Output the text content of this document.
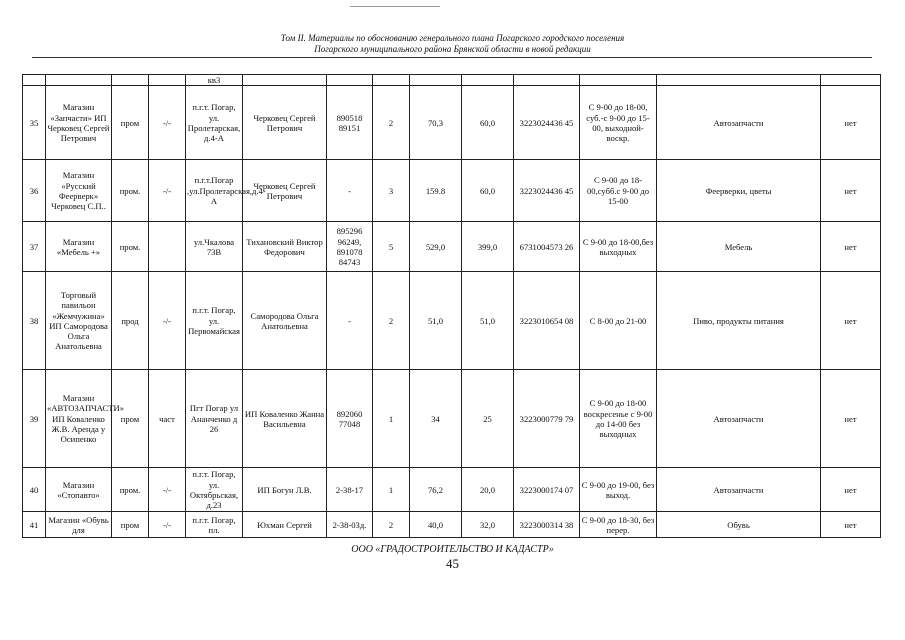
Том II. Материалы по обоснованию генерального плана Погарского городского поселения
Погарского муниципального района Брянской области в новой редакции
				кв3									
35	Магазин «Запчасти» ИП Черковец Сергей Петрович	пром	-/-	п.г.т. Погар, ул. Пролетарская, д.4-А	Черковец Сергей Петрович	890518 89151	2	70,3	60,0	3223024436 45	С 9-00 до 18-00, суб.-с 9-00 до 15-00, выходной-воскр.	Автозапчасти	нет
36	Магазин «Русский Феерверк» Черковец С.П..	пром.	-/-	п.г.т.Погар ,ул.Пролетарская,д.4-А	Черковец Сергей Петрович	-	3	159.8	60,0	3223024436 45	С 9-00 до 18-00,субб.с 9-00 до 15-00	Феерверки, цветы	нет
37	Магазин «Мебель +»	пром.		ул.Чкалова 73В	Тихановский Виктор Федорович	895296 96249, 891078 84743	5	529,0	399,0	6731004573 26	С 9-00 до 18-00,без выходных	Мебель	нет
38	Торговый павильон «Жемчужина» ИП Самородова Ольга Анатольевна	прод	-/-	п.г.т. Погар, ул. Первомайская	Самородова Ольга Анатольевна	-	2	51,0	51,0	3223010654 08	С 8-00 до 21-00	Пиво, продукты питания	нет
39	Магазин «АВТОЗАПЧАСТИ» ИП Коваленко Ж.В. Аренда у Осипенко	пром	част	Пгт Погар ул Ананченко д 26	ИП Коваленко Жанна Васильевна	892060 77048	1	34	25	3223000779 79	С 9-00 до 18-00 воскресенье с 9-00 до 14-00 без выходных	Автозапчасти	нет
40	Магазин «Стопавто»	пром.	-/-	п.г.т. Погар, ул. Октябрьская, д.23	ИП Богун Л.В.	2-38-17	1	76,2	20,0	3223000174 07	С 9-00 до 19-00, без выход.	Автозапчасти	нет
41	Магазин «Обувь для	пром	-/-	п.г.т. Погар, пл.	Юхман Сергей	2-38-03д.	2	40,0	32,0	3223000314 38	С 9-00 до 18-30, без перер.	Обувь	нет
ООО «ГРАДОСТРОИТЕЛЬСТВО И КАДАСТР»
45
